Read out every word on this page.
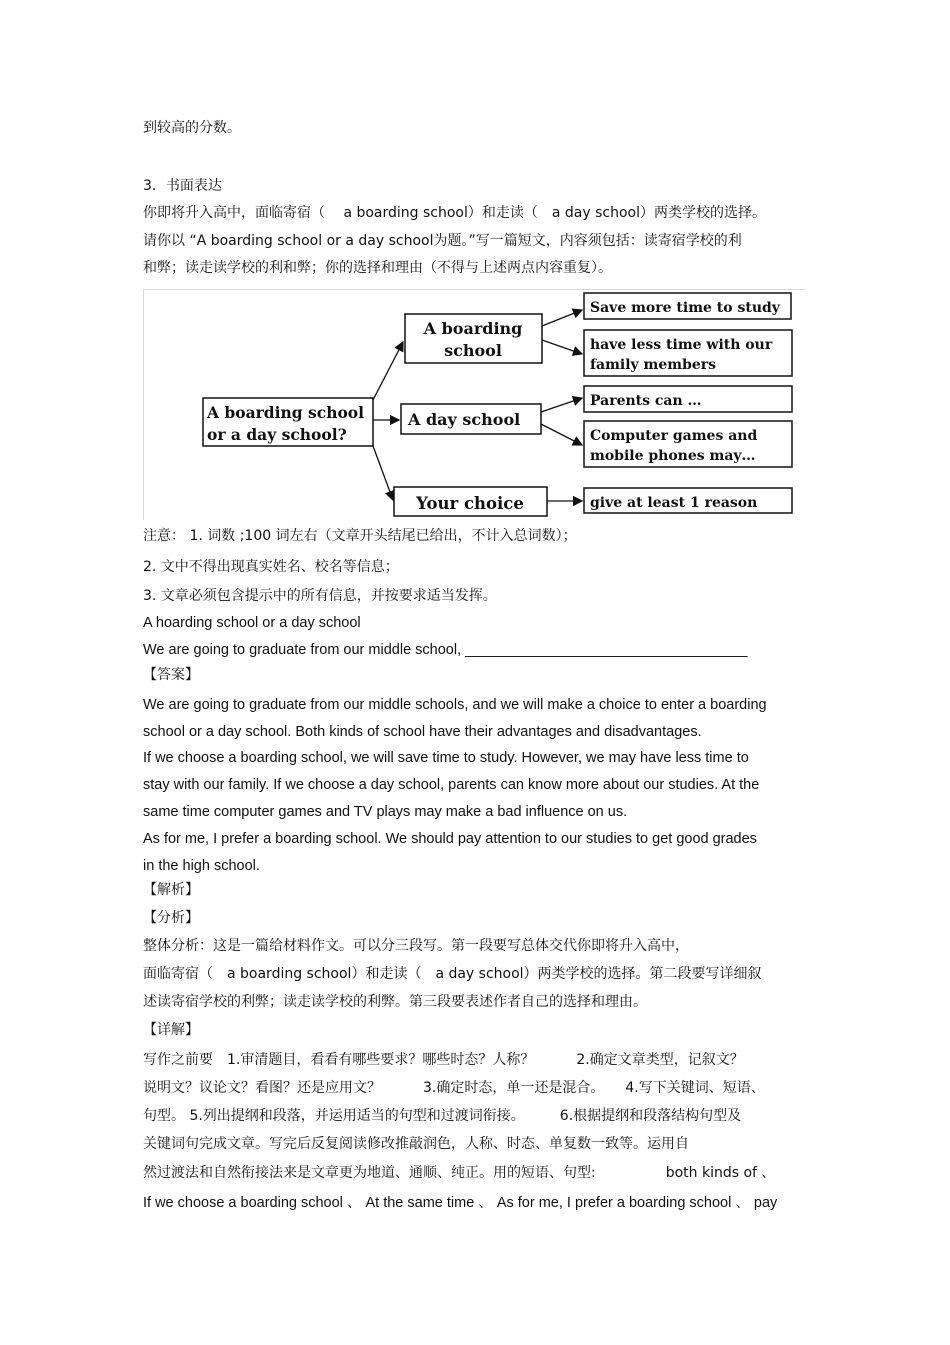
到较高的分数。
3．书面表达
你即将升入高中，面临寄宿（　 a boarding school）和走读（　a day school）两类学校的选择。
请你以 “A boarding school or a day school为题。”写一篇短文，内容须包括：读寄宿学校的利
和弊；读走读学校的利和弊；你的选择和理由（不得与上述两点内容重复）。
A boarding school
or a day school?
A boarding
school
A day school
Your choice
Save more time to study
have less time with our
family members
Parents can …
Computer games and
mobile phones may…
give at least 1 reason
注意： 1. 词数 ;100 词左右（文章开头结尾已给出，不计入总词数）；
2. 文中不得出现真实姓名、校名等信息；
3. 文章必须包含提示中的所有信息，并按要求适当发挥。
A hoarding school or a day school
We are going to graduate from our middle school, ___________________________________
【答案】
We are going to graduate from our middle schools, and we will make a choice to enter a boarding
school or a day school. Both kinds of school have their advantages and disadvantages.
If we choose a boarding school, we will save time to study. However, we may have less time to
stay with our family. If we choose a day school, parents can know more about our studies. At the
same time computer games and TV plays may make a bad influence on us.
As for me, I prefer a boarding school. We should pay attention to our studies to get good grades
in the high school.
【解析】
【分析】
整体分析：这是一篇给材料作文。可以分三段写。第一段要写总体交代你即将升入高中，
面临寄宿（　a boarding school）和走读（　a day school）两类学校的选择。第二段要写详细叙
述读寄宿学校的利弊；读走读学校的利弊。第三段要表述作者自己的选择和理由。
【详解】
写作之前要　1.审清题目，看看有哪些要求？哪些时态？人称？　　　2.确定文章类型，记叙文？
说明文？议论文？看图？还是应用文？　　　3.确定时态，单一还是混合。　　4.写下关键词、短语、
句型。 5.列出提纲和段落，并运用适当的句型和过渡词衔接。　　　6.根据提纲和段落结构句型及
关键词句完成文章。写完后反复阅读修改推敲润色，人称、时态、单复数一致等。运用自
然过渡法和自然衔接法来是文章更为地道、通顺、纯正。用的短语、句型:　　　　　both kinds of 、
If we choose a boarding school 、 At the same time 、 As for me, I prefer a boarding school 、 pay
